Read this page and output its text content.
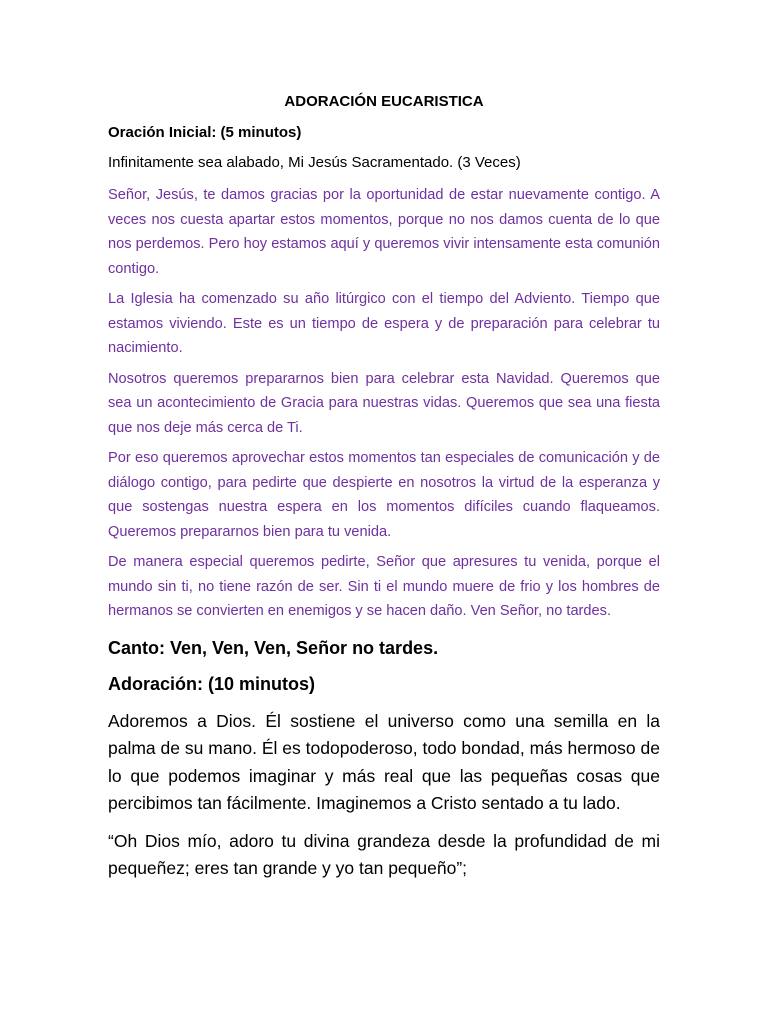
ADORACIÓN EUCARISTICA
Oración Inicial: (5 minutos)
Infinitamente sea alabado, Mi Jesús Sacramentado. (3 Veces)

Señor, Jesús, te damos gracias por la oportunidad de estar nuevamente contigo. A veces nos cuesta apartar estos momentos, porque no nos damos cuenta de lo que nos perdemos. Pero hoy estamos aquí y queremos vivir intensamente esta comunión contigo.

La Iglesia ha comenzado su año litúrgico con el tiempo del Adviento. Tiempo que estamos viviendo. Este es un tiempo de espera y de preparación para celebrar tu nacimiento.

Nosotros queremos prepararnos bien para celebrar esta Navidad. Queremos que sea un acontecimiento de Gracia para nuestras vidas. Queremos que sea una fiesta que nos deje más cerca de Ti.

Por eso queremos aprovechar estos momentos tan especiales de comunicación y de diálogo contigo, para pedirte que despierte en nosotros la virtud de la esperanza y que sostengas nuestra espera en los momentos difíciles cuando flaqueamos. Queremos prepararnos bien para tu venida.

De manera especial queremos pedirte, Señor que apresures tu venida, porque el mundo sin ti, no tiene razón de ser. Sin ti el mundo muere de frio y los hombres de hermanos se convierten en enemigos y se hacen daño. Ven Señor, no tardes.

Canto: Ven, Ven, Ven, Señor no tardes.
Adoración: (10 minutos)

Adoremos a Dios. Él sostiene el universo como una semilla en la palma de su mano. Él es todopoderoso, todo bondad, más hermoso de lo que podemos imaginar y más real que las pequeñas cosas que percibimos tan fácilmente. Imaginemos a Cristo sentado a tu lado.

“Oh Dios mío, adoro tu divina grandeza desde la profundidad de mi pequeñez; eres tan grande y yo tan pequeño”;
